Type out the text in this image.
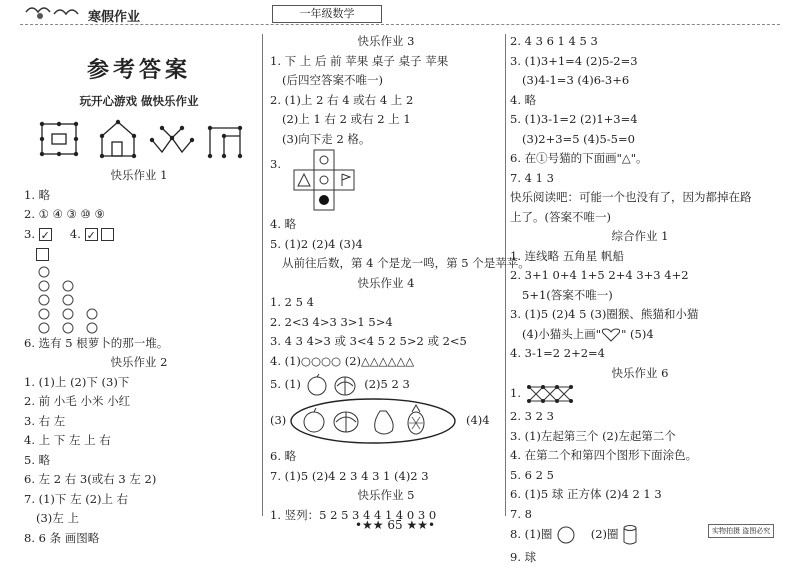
寒假作业	一年级数学
参考答案
玩开心游戏 做快乐作业
快乐作业 1
1. 略
2. ① ④ ③ ⑩ ⑨
3. ✓	4. ✓
6. 选有 5 根萝卜的那一堆。
快乐作业 2
1. (1)上 (2)下 (3)下
2. 前 小毛 小米 小红
3. 右 左
4. 上 下 左 上 右
5. 略
6. 左 2 右 3(或右 3 左 2)
7. (1)下 左 (2)上 右
(3)左 上
8. 6 条 画图略
快乐作业 3
1. 下 上 后 前 苹果 桌子 桌子 苹果
(后四空答案不唯一)
2. (1)上 2 右 4 或右 4 上 2
(2)上 1 右 2 或右 2 上 1
(3)向下走 2 格。
3.
4. 略
5. (1)2 (2)4 (3)4
从前往后数，第 4 个是龙一鸣，第 5 个是苹苹。
快乐作业 4
1. 2 5 4
2. 2<3 4>3 3>1 5>4
3. 4 3 4>3 或 3<4 5 2 5>2 或 2<5
4. (1)○○○○ (2)△△△△△△
5. (1)	(2)5 2 3
(3)	(4)4
6. 略
7. (1)5 (2)4 2 3 4 3 1 (4)2 3
快乐作业 5
1. 竖列：5 2 5 3 4 4 1 4 0 3 0
2. 4 3 6 1 4 5 3
3. (1)3+1=4 (2)5-2=3
(3)4-1=3 (4)6-3+6
4. 略
5. (1)3-1=2 (2)1+3=4
(3)2+3=5 (4)5-5=0
6. 在①号猫的下面画"△"。
7. 4 1 3
快乐阅读吧：可能一个也没有了，因为都掉在路
上了。(答案不唯一)
综合作业 1
1. 连线略 五角星 帆船
2. 3+1 0+4 1+5 2+4 3+3 4+2
5+1(答案不唯一)
3. (1)5 (2)4 5 (3)圈猴、熊猫和小猫
(4)小猫头上画" " (5)4
4. 3-1=2 2+2=4
快乐作业 6
1.
2. 3 2 3
3. (1)左起第三个 (2)左起第二个
4. 在第二个和第四个图形下面涂色。
5. 6 2 5
6. (1)5 球 正方体 (2)4 2 1 3
7. 8
8. (1)圈	(2)圈
9. 球
•★★ 65 ★★•	实物拍摄 盗图必究
